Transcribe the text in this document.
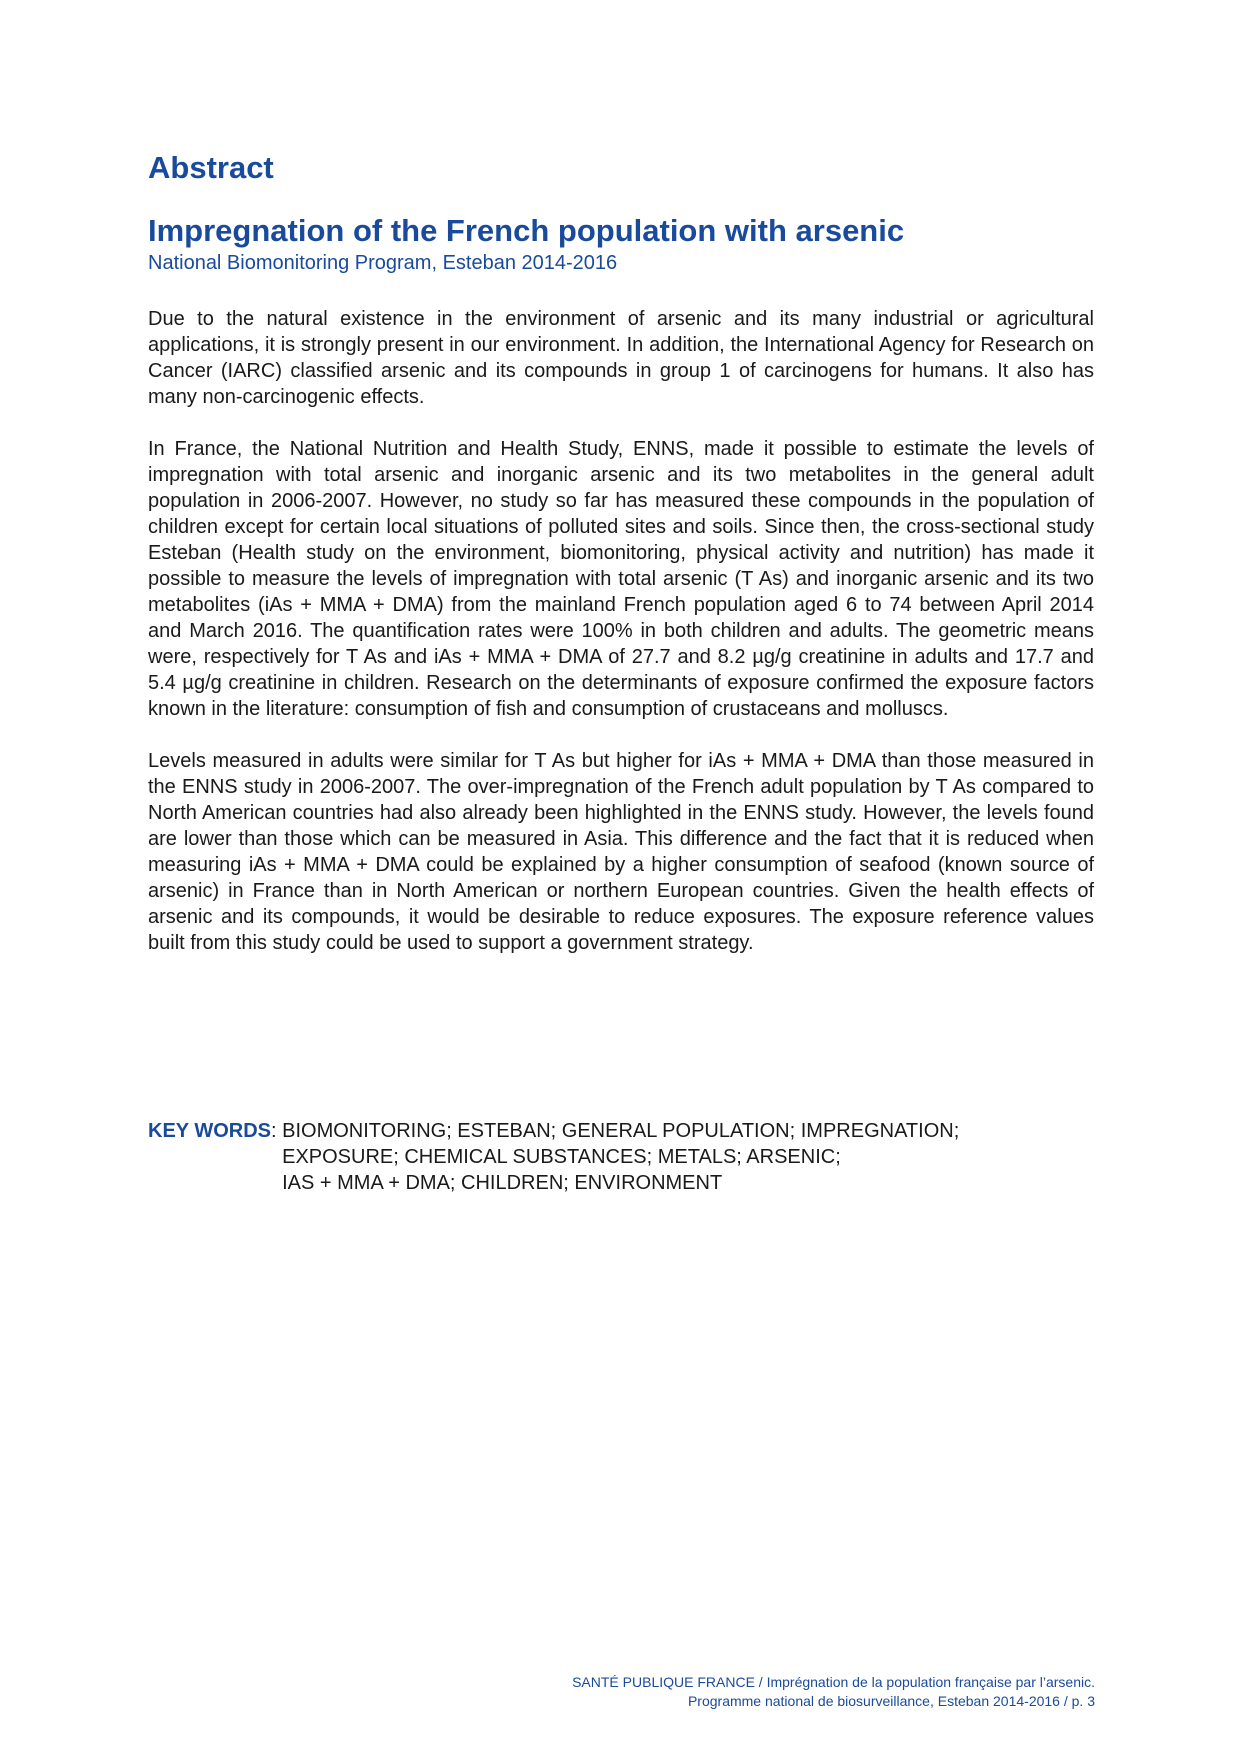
Abstract
Impregnation of the French population with arsenic

National Biomonitoring Program, Esteban 2014-2016

Due to the natural existence in the environment of arsenic and its many industrial or agricultural applications, it is strongly present in our environment. In addition, the International Agency for Research on Cancer (IARC) classified arsenic and its compounds in group 1 of carcinogens for humans. It also has many non-carcinogenic effects.

In France, the National Nutrition and Health Study, ENNS, made it possible to estimate the levels of impregnation with total arsenic and inorganic arsenic and its two metabolites in the general adult population in 2006-2007. However, no study so far has measured these compounds in the population of children except for certain local situations of polluted sites and soils. Since then, the cross-sectional study Esteban (Health study on the environment, biomonitoring, physical activity and nutrition) has made it possible to measure the levels of impregnation with total arsenic (T As) and inorganic arsenic and its two metabolites (iAs + MMA + DMA) from the mainland French population aged 6 to 74 between April 2014 and March 2016. The quantification rates were 100% in both children and adults. The geometric means were, respectively for T As and iAs + MMA + DMA of 27.7 and 8.2 µg/g creatinine in adults and 17.7 and 5.4 µg/g creatinine in children. Research on the determinants of exposure confirmed the exposure factors known in the literature: consumption of fish and consumption of crustaceans and molluscs.

Levels measured in adults were similar for T As but higher for iAs + MMA + DMA than those measured in the ENNS study in 2006-2007. The over-impregnation of the French adult population by T As compared to North American countries had also already been highlighted in the ENNS study. However, the levels found are lower than those which can be measured in Asia. This difference and the fact that it is reduced when measuring iAs + MMA + DMA could be explained by a higher consumption of seafood (known source of arsenic) in France than in North American or northern European countries. Given the health effects of arsenic and its compounds, it would be desirable to reduce exposures. The exposure reference values built from this study could be used to support a government strategy.

KEY WORDS : BIOMONITORING; ESTEBAN; GENERAL POPULATION; IMPREGNATION;
EXPOSURE; CHEMICAL SUBSTANCES; METALS; ARSENIC;
IAS + MMA + DMA; CHILDREN; ENVIRONMENT
SANTÉ PUBLIQUE FRANCE / Imprégnation de la population française par l’arsenic.
Programme national de biosurveillance, Esteban 2014-2016 / p. 3
